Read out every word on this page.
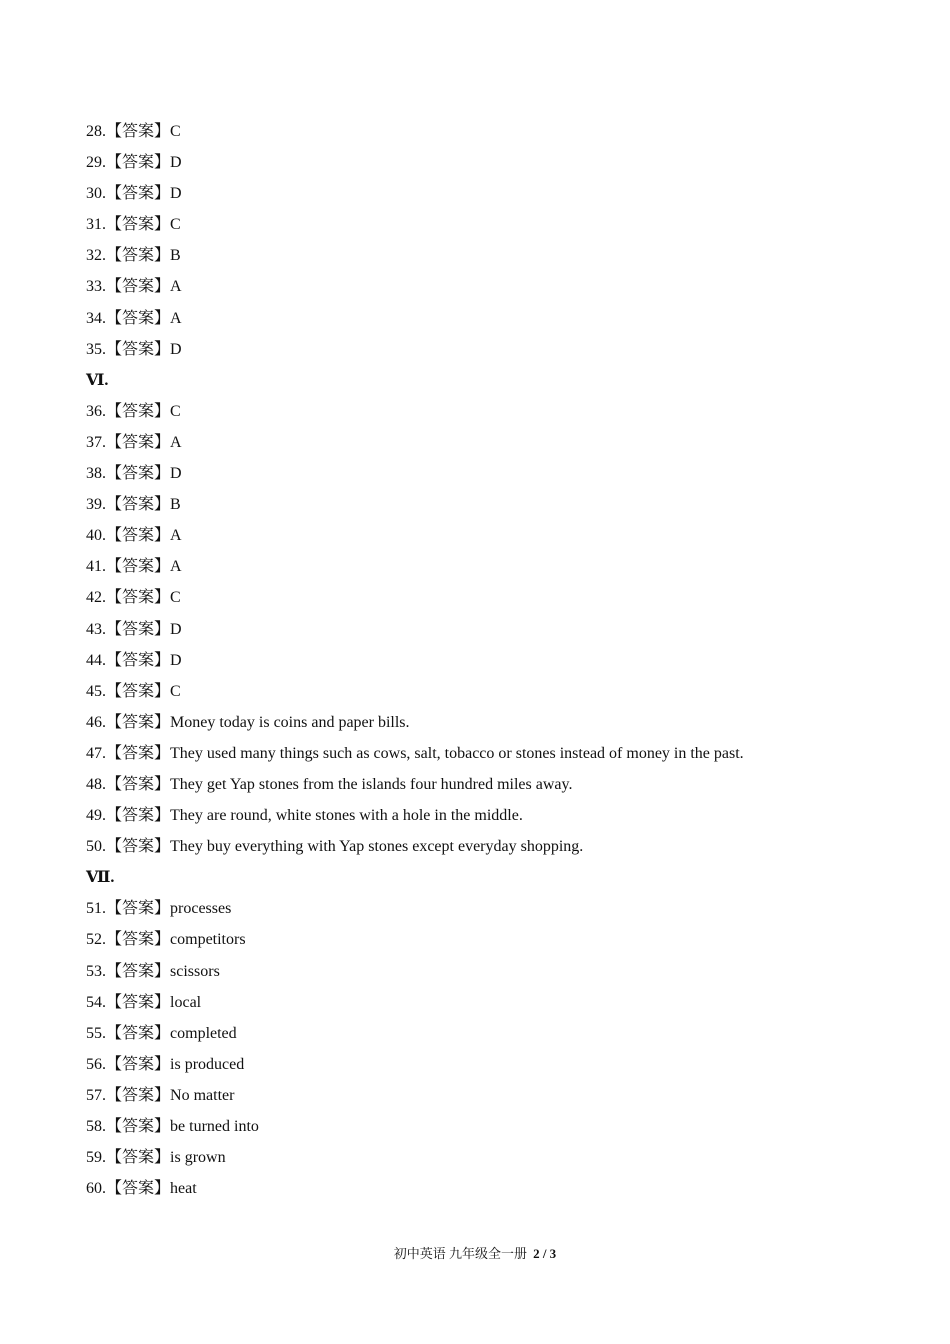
28.【答案】C
29.【答案】D
30.【答案】D
31.【答案】C
32.【答案】B
33.【答案】A
34.【答案】A
35.【答案】D
Ⅵ.
36.【答案】C
37.【答案】A
38.【答案】D
39.【答案】B
40.【答案】A
41.【答案】A
42.【答案】C
43.【答案】D
44.【答案】D
45.【答案】C
46.【答案】Money today is coins and paper bills.
47.【答案】They used many things such as cows, salt, tobacco or stones instead of money in the past.
48.【答案】They get Yap stones from the islands four hundred miles away.
49.【答案】They are round, white stones with a hole in the middle.
50.【答案】They buy everything with Yap stones except everyday shopping.
Ⅶ.
51.【答案】processes
52.【答案】competitors
53.【答案】scissors
54.【答案】local
55.【答案】completed
56.【答案】is produced
57.【答案】No matter
58.【答案】be turned into
59.【答案】is grown
60.【答案】heat
初中英语 九年级全一册 2 / 3
